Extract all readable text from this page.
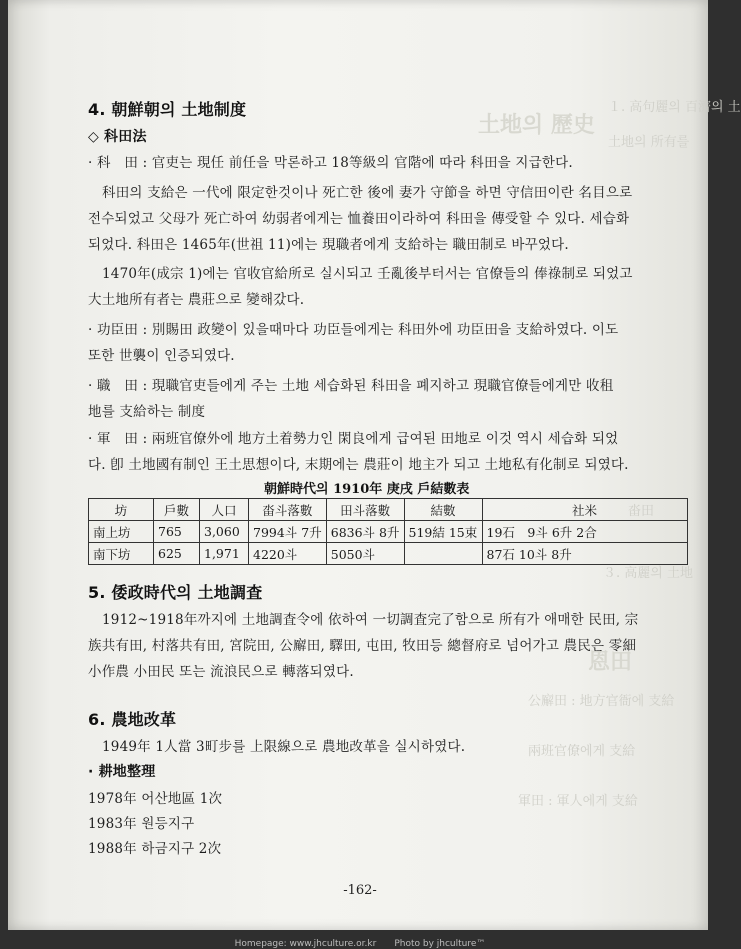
１. 高句麗의 百濟의 土
土地의 歷史
土地의 所有를
畓田
３. 高麗의 土地
恩田
公廨田 : 地方官衙에 支給
兩班官僚에게 支給
軍田 : 軍人에게 支給
4. 朝鮮朝의 土地制度
◇ 科田法
· 科　田 : 官吏는 現任 前任을 막론하고 18等級의 官階에 따라 科田을 지급한다.
科田의 支給은 一代에 限定한것이나 死亡한 後에 妻가 守節을 하면 守信田이란 名目으로
전수되었고 父母가 死亡하여 幼弱者에게는 恤養田이라하여 科田을 傳受할 수 있다. 세습화
되었다. 科田은 1465年(世祖 11)에는 現職者에게 支給하는 職田制로 바꾸었다.
1470年(成宗 1)에는 官收官給所로 실시되고 壬亂後부터서는 官僚들의 俸祿制로 되었고
大土地所有者는 農莊으로 變해갔다.
· 功臣田 : 別賜田 政變이 있을때마다 功臣들에게는 科田外에 功臣田을 支給하였다. 이도
또한 世襲이 인증되였다.
· 職　田 : 現職官吏들에게 주는 土地 세습화된 科田을 폐지하고 現職官僚들에게만 收租
地를 支給하는 制度
· 軍　田 : 兩班官僚外에 地方土着勢力인 閑良에게 급여된 田地로 이것 역시 세습화 되었
다. 卽 土地國有制인 王土思想이다, 末期에는 農莊이 地主가 되고 土地私有化制로 되였다.
朝鮮時代의 1910年 庚戌 戶結數表
坊	戶數	人口	畓斗落數	田斗落數	結數	社米
南上坊	765	3,060	7994斗 7升	6836斗 8升	519結 15束	19石　9斗 6升 2合
南下坊	625	1,971	4220斗	5050斗		87石 10斗 8升
5. 倭政時代의 土地調査
1912~1918年까지에 土地調査令에 依하여 一切調査完了함으로 所有가 애매한 民田, 宗
族共有田, 村落共有田, 宮院田, 公廨田, 驛田, 屯田, 牧田등 總督府로 넘어가고 農民은 零細
小作農 小田民 또는 流浪民으로 轉落되였다.
6. 農地改革
1949年 1人當 3町步를 上限線으로 農地改革을 실시하였다.
· 耕地整理
1978年 어산地區 1次
1983年 원등지구
1988年 하금지구 2次
-162-
Homepage: www.jhculture.or.kr　　Photo by jhculture™
